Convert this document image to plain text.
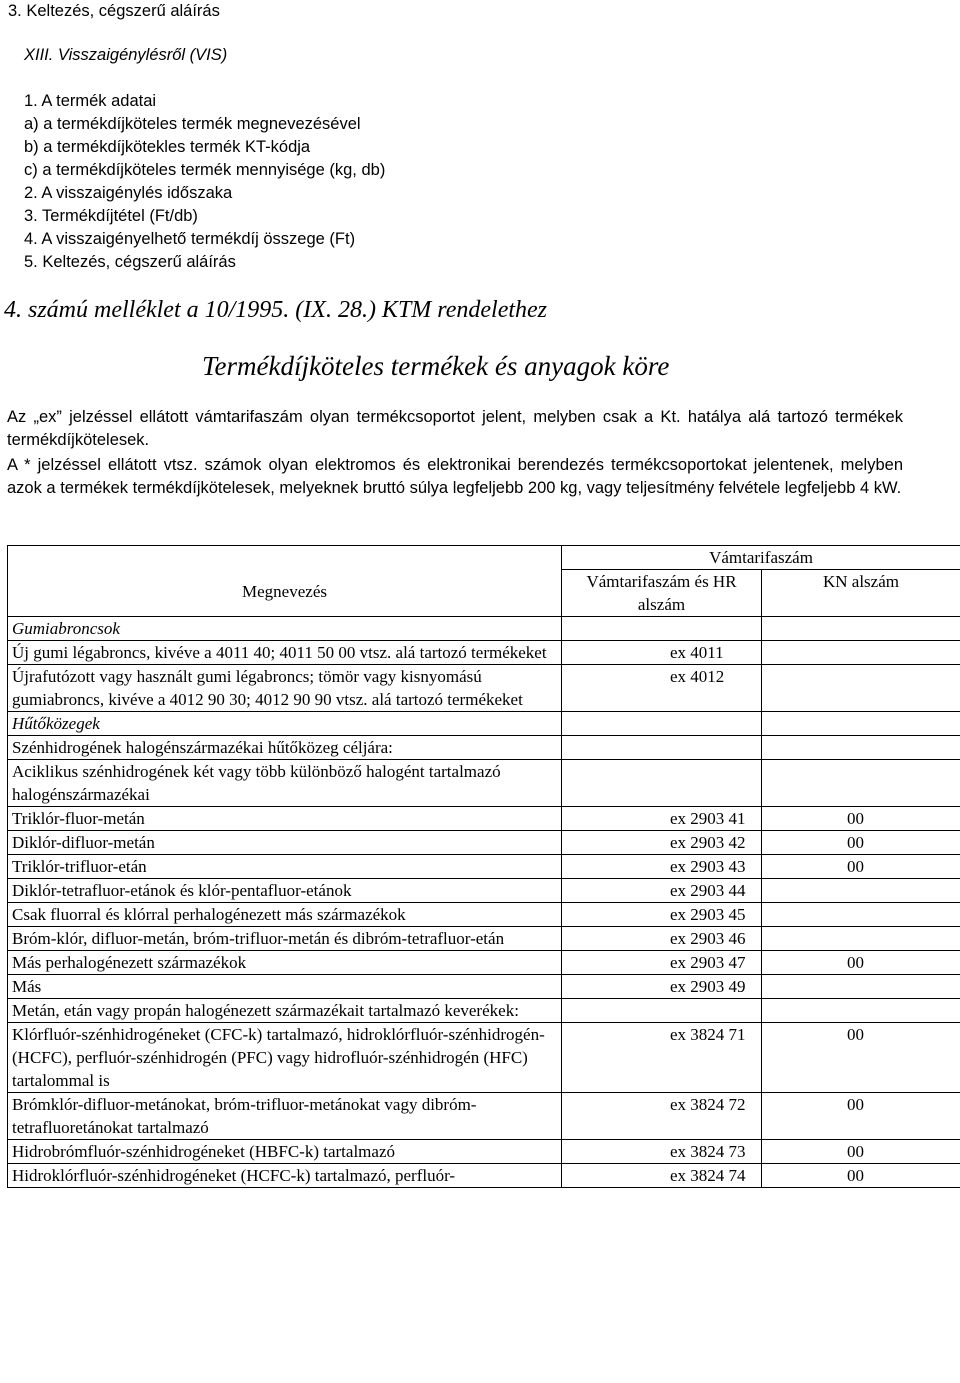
3. Keltezés, cégszerű aláírás
XIII. Visszaigénylésről (VIS)
1. A termék adatai
a) a termékdíjköteles termék megnevezésével
b) a termékdíjkötekles termék KT-kódja
c) a termékdíjköteles termék mennyisége (kg, db)
2. A visszaigénylés időszaka
3. Termékdíjtétel (Ft/db)
4. A visszaigényelhető termékdíj összege (Ft)
5. Keltezés, cégszerű aláírás
4. számú melléklet a 10/1995. (IX. 28.) KTM rendelethez
Termékdíjköteles termékek és anyagok köre
Az „ex” jelzéssel ellátott vámtarifaszám olyan termékcsoportot jelent, melyben csak a Kt. hatálya alá tartozó termékek termékdíjkötelesek.
A * jelzéssel ellátott vtsz. számok olyan elektromos és elektronikai berendezés termékcsoportokat jelentenek, melyben azok a termékek termékdíjkötelesek, melyeknek bruttó súlya legfeljebb 200 kg, vagy teljesítmény felvétele legfeljebb 4 kW.
Megnevezés	Vámtarifaszám	
	Vámtarifaszám és HR alszám	KN alszám
Gumiabroncsok		
Új gumi légabroncs, kivéve a 4011 40; 4011 50 00 vtsz. alá tartozó termékeket	ex 4011	
Újrafutózott vagy használt gumi légabroncs; tömör vagy kisnyomású gumiabroncs, kivéve a 4012 90 30; 4012 90 90 vtsz. alá tartozó termékeket	ex 4012	
Hűtőközegek		
Szénhidrogének halogénszármazékai hűtőközeg céljára:		
Aciklikus szénhidrogének két vagy több különböző halogént tartalmazó halogénszármazékai		
Triklór-fluor-metán	ex 2903 41	00
Diklór-difluor-metán	ex 2903 42	00
Triklór-trifluor-etán	ex 2903 43	00
Diklór-tetrafluor-etánok és klór-pentafluor-etánok	ex 2903 44	
Csak fluorral és klórral perhalogénezett más származékok	ex 2903 45	
Bróm-klór, difluor-metán, bróm-trifluor-metán és dibróm-tetrafluor-etán	ex 2903 46	
Más perhalogénezett származékok	ex 2903 47	00
Más	ex 2903 49	
Metán, etán vagy propán halogénezett származékait tartalmazó keverékek:		
Klórfluór-szénhidrogéneket (CFC-k) tartalmazó, hidroklórfluór-szénhidrogén-(HCFC), perfluór-szénhidrogén (PFC) vagy hidrofluór-szénhidrogén (HFC) tartalommal is	ex 3824 71	00
Brómklór-difluor-metánokat, bróm-trifluor-metánokat vagy dibróm-tetrafluoretánokat tartalmazó	ex 3824 72	00
Hidrobrómfluór-szénhidrogéneket (HBFC-k) tartalmazó	ex 3824 73	00
Hidroklórfluór-szénhidrogéneket (HCFC-k) tartalmazó, perfluór-	ex 3824 74	00
